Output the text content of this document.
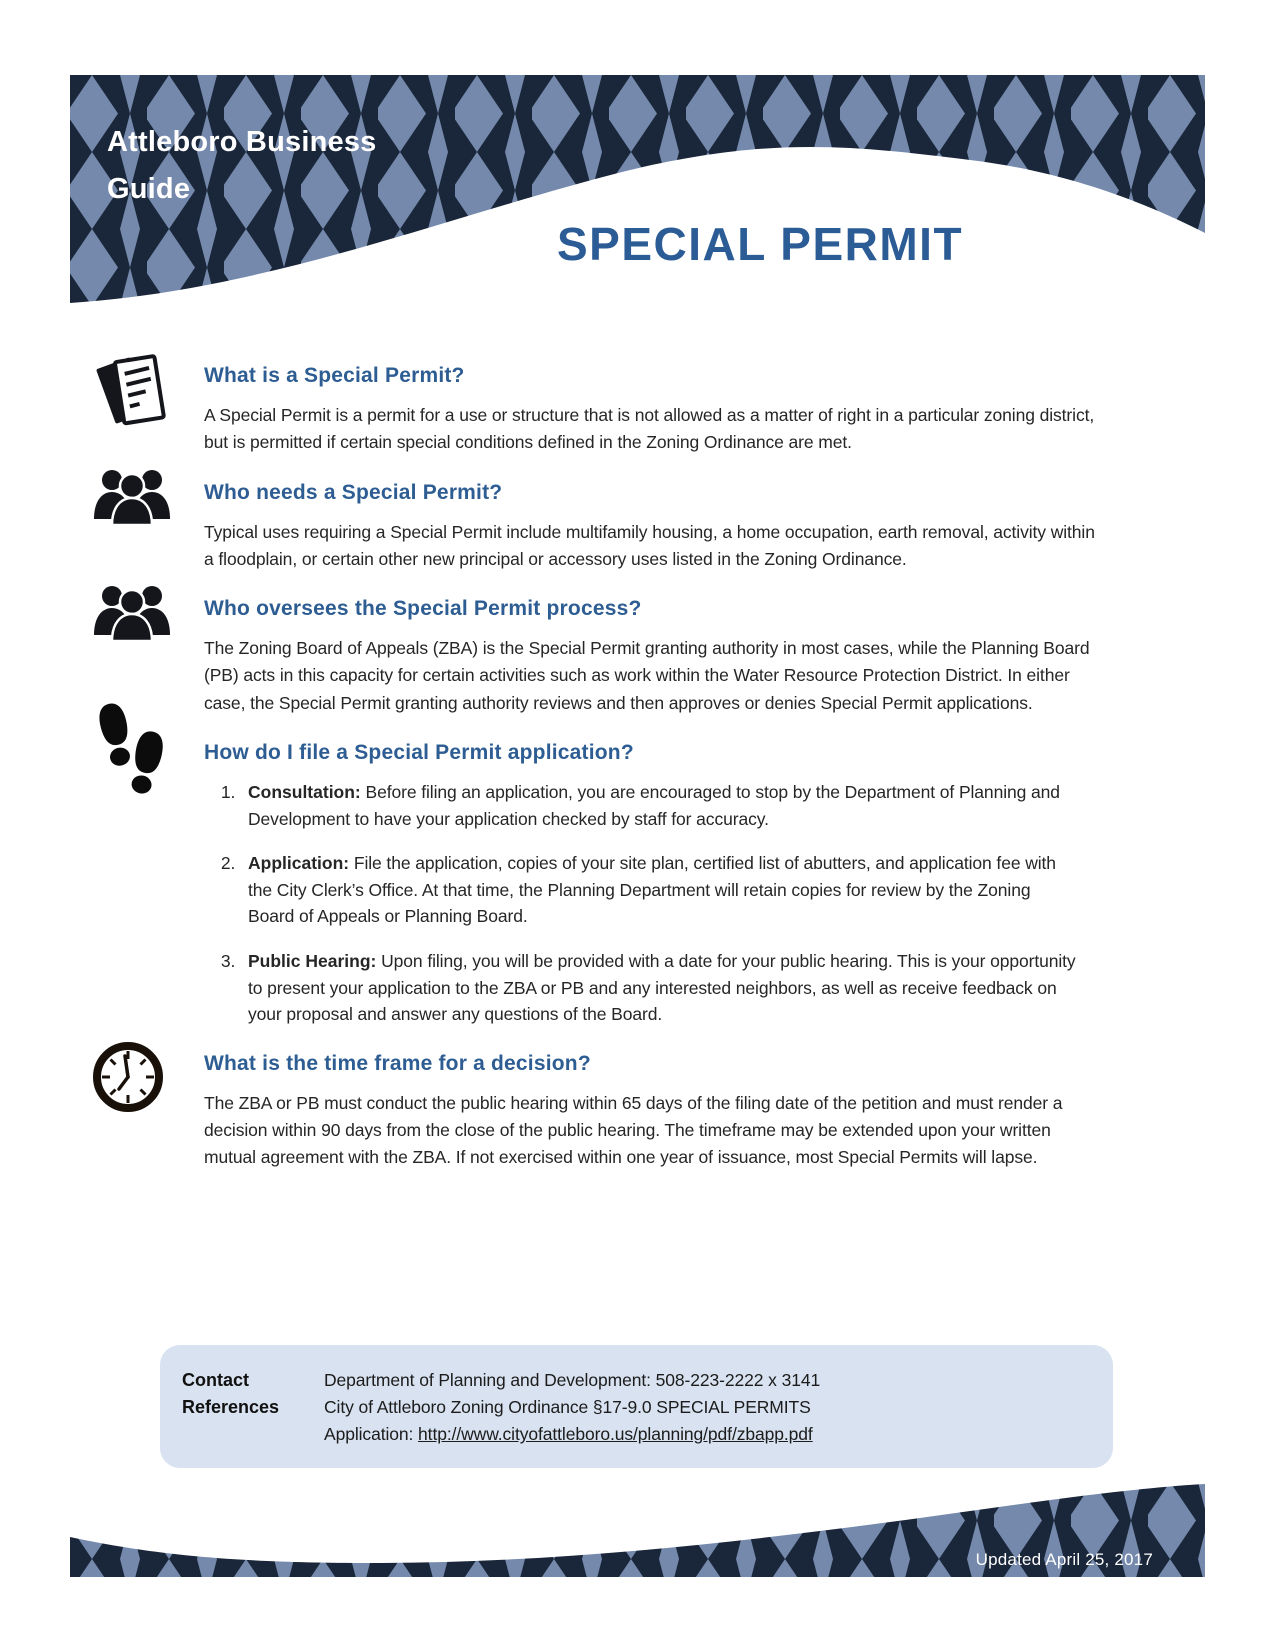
Attleboro Business
Guide
SPECIAL PERMIT
What is a Special Permit?

A Special Permit is a permit for a use or structure that is not allowed as a matter of right in a particular zoning district, but is permitted if certain special conditions defined in the Zoning Ordinance are met.

Who needs a Special Permit?

Typical uses requiring a Special Permit include multifamily housing, a home occupation, earth removal, activity within a floodplain, or certain other new principal or accessory uses listed in the Zoning Ordinance.

Who oversees the Special Permit process?

The Zoning Board of Appeals (ZBA) is the Special Permit granting authority in most cases, while the Planning Board (PB) acts in this capacity for certain activities such as work within the Water Resource Protection District. In either case, the Special Permit granting authority reviews and then approves or denies Special Permit applications.

How do I file a Special Permit application?
1. Consultation: Before filing an application, you are encouraged to stop by the Department of Planning and Development to have your application checked by staff for accuracy.
2. Application: File the application, copies of your site plan, certified list of abutters, and application fee with the City Clerk’s Office. At that time, the Planning Department will retain copies for review by the Zoning Board of Appeals or Planning Board.
3. Public Hearing: Upon filing, you will be provided with a date for your public hearing. This is your opportunity to present your application to the ZBA or PB and any interested neighbors, as well as receive feedback on your proposal and answer any questions of the Board.
What is the time frame for a decision?

The ZBA or PB must conduct the public hearing within 65 days of the filing date of the petition and must render a decision within 90 days from the close of the public hearing. The timeframe may be extended upon your written mutual agreement with the ZBA. If not exercised within one year of issuance, most Special Permits will lapse.

Contact
References
Department of Planning and Development: 508-223-2222 x 3141
City of Attleboro Zoning Ordinance §17-9.0 SPECIAL PERMITS
Application: http://www.cityofattleboro.us/planning/pdf/zbapp.pdf
Updated April 25, 2017
